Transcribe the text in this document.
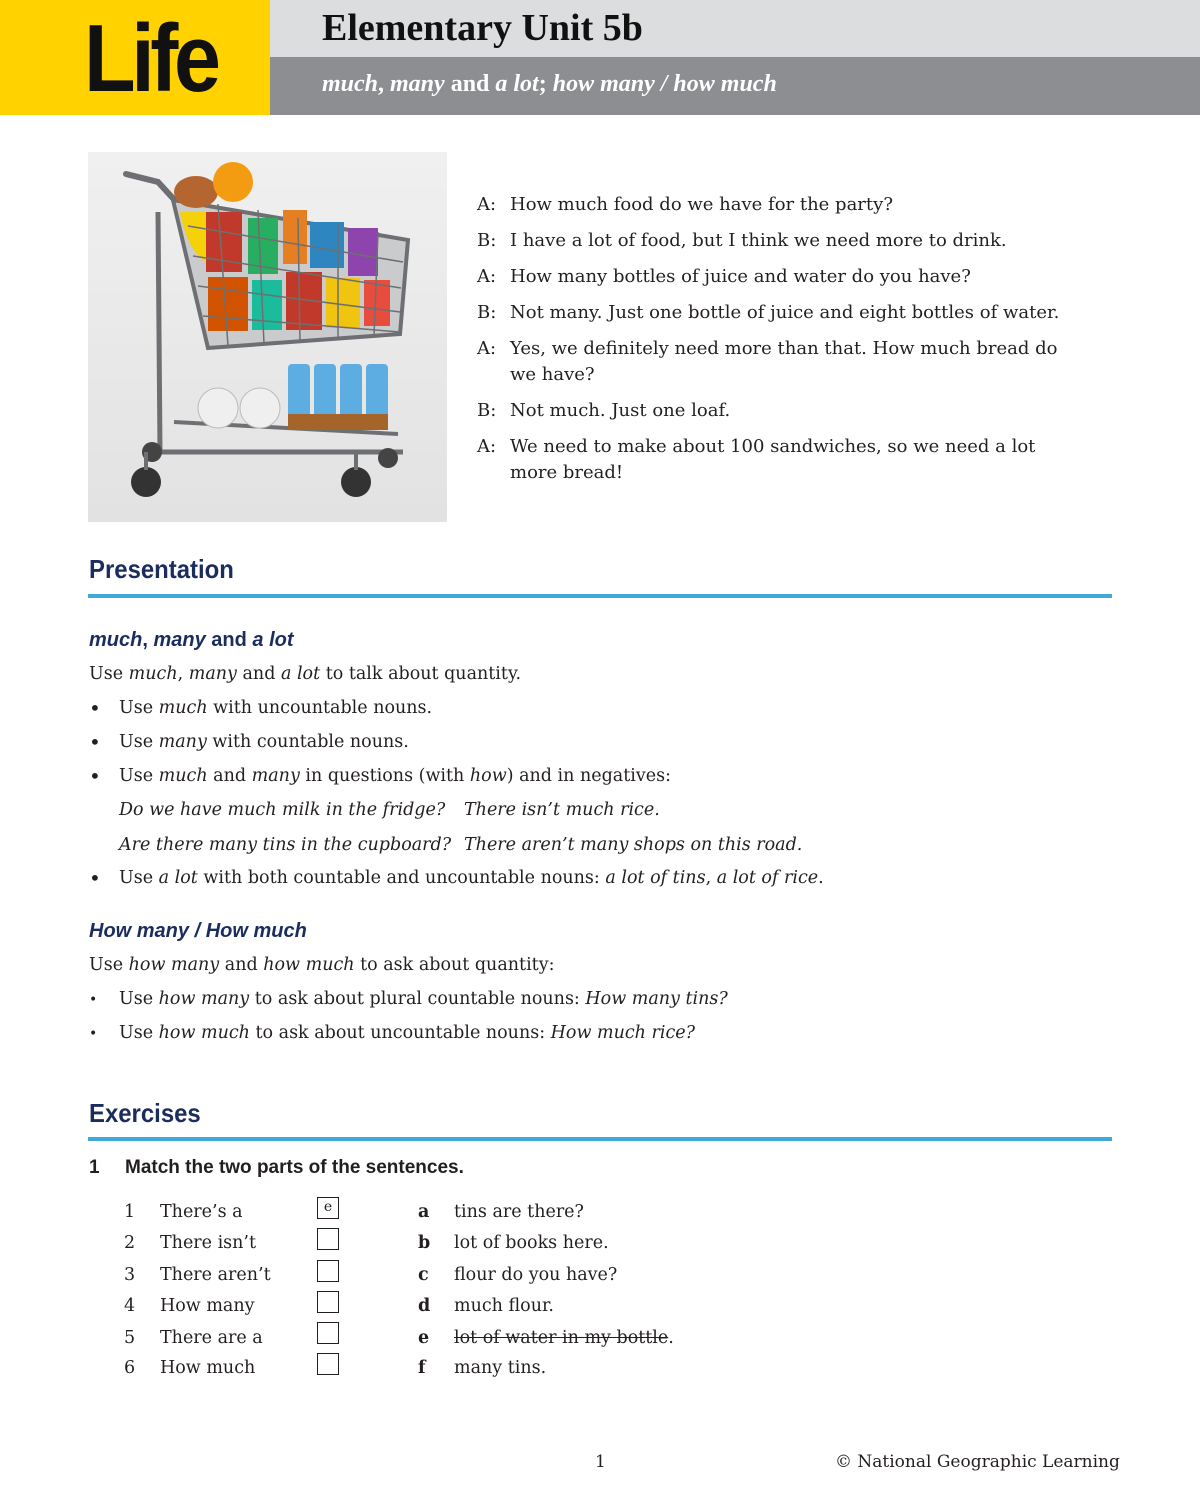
Life	Elementary Unit 5b
much, many and a lot; how many / how much
A: How much food do we have for the party?
B: I have a lot of food, but I think we need more to drink.
A: How many bottles of juice and water do you have?
B: Not many. Just one bottle of juice and eight bottles of water.
A: Yes, we definitely need more than that. How much bread do we have?
B: Not much. Just one loaf.
A: We need to make about 100 sandwiches, so we need a lot more bread!
Presentation
much, many and a lot
Use much, many and a lot to talk about quantity.
• Use much with uncountable nouns.
• Use many with countable nouns.
• Use much and many in questions (with how) and in negatives:
Do we have much milk in the fridge? There isn’t much rice.
Are there many tins in the cupboard? There aren’t many shops on this road.
• Use a lot with both countable and uncountable nouns: a lot of tins, a lot of rice.
How many / How much
Use how many and how much to ask about quantity:
• Use how many to ask about plural countable nouns: How many tins?
• Use how much to ask about uncountable nouns: How much rice?
Exercises
1 Match the two parts of the sentences.
1 There’s a	e	a tins are there?
2 There isn’t	b lot of books here.
3 There aren’t	c flour do you have?
4 How many	d much flour.
5 There are a	e lot of water in my bottle.
6 How much	f many tins.
1	© National Geographic Learning
